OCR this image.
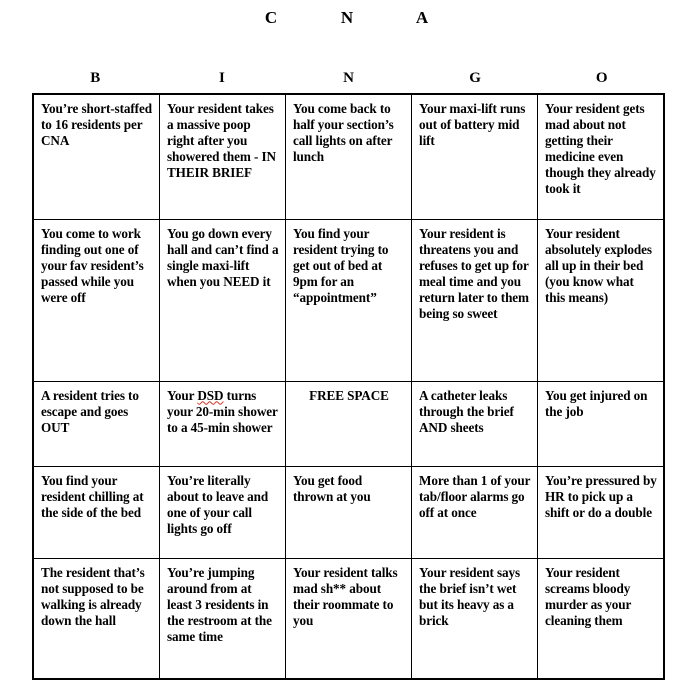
C	N	A
B	I	N	G	O
You’re short-staffed to 16 residents per CNA	Your resident takes a massive poop right after you showered them - IN THEIR BRIEF	You come back to half your section’s call lights on after lunch	Your maxi-lift runs out of battery mid lift	Your resident gets mad about not getting their medicine even though they already took it

You come to work finding out one of your fav resident’s passed while you were off	You go down every hall and can’t find a single maxi-lift when you NEED it	You find your resident trying to get out of bed at 9pm for an “appointment”	Your resident is threatens you and refuses to get up for meal time and you return later to them being so sweet	Your resident absolutely explodes all up in their bed (you know what this means)

A resident tries to escape and goes OUT	Your DSD turns your 20-min shower to a 45-min shower	FREE SPACE	A catheter leaks through the brief AND sheets	You get injured on the job

You find your resident chilling at the side of the bed	You’re literally about to leave and one of your call lights go off	You get food thrown at you	More than 1 of your tab/floor alarms go off at once	You’re pressured by HR to pick up a shift or do a double

The resident that’s not supposed to be walking is already down the hall	You’re jumping around from at least 3 residents in the restroom at the same time	Your resident talks mad sh** about their roommate to you	Your resident says the brief isn’t wet but its heavy as a brick	Your resident screams bloody murder as your cleaning them
